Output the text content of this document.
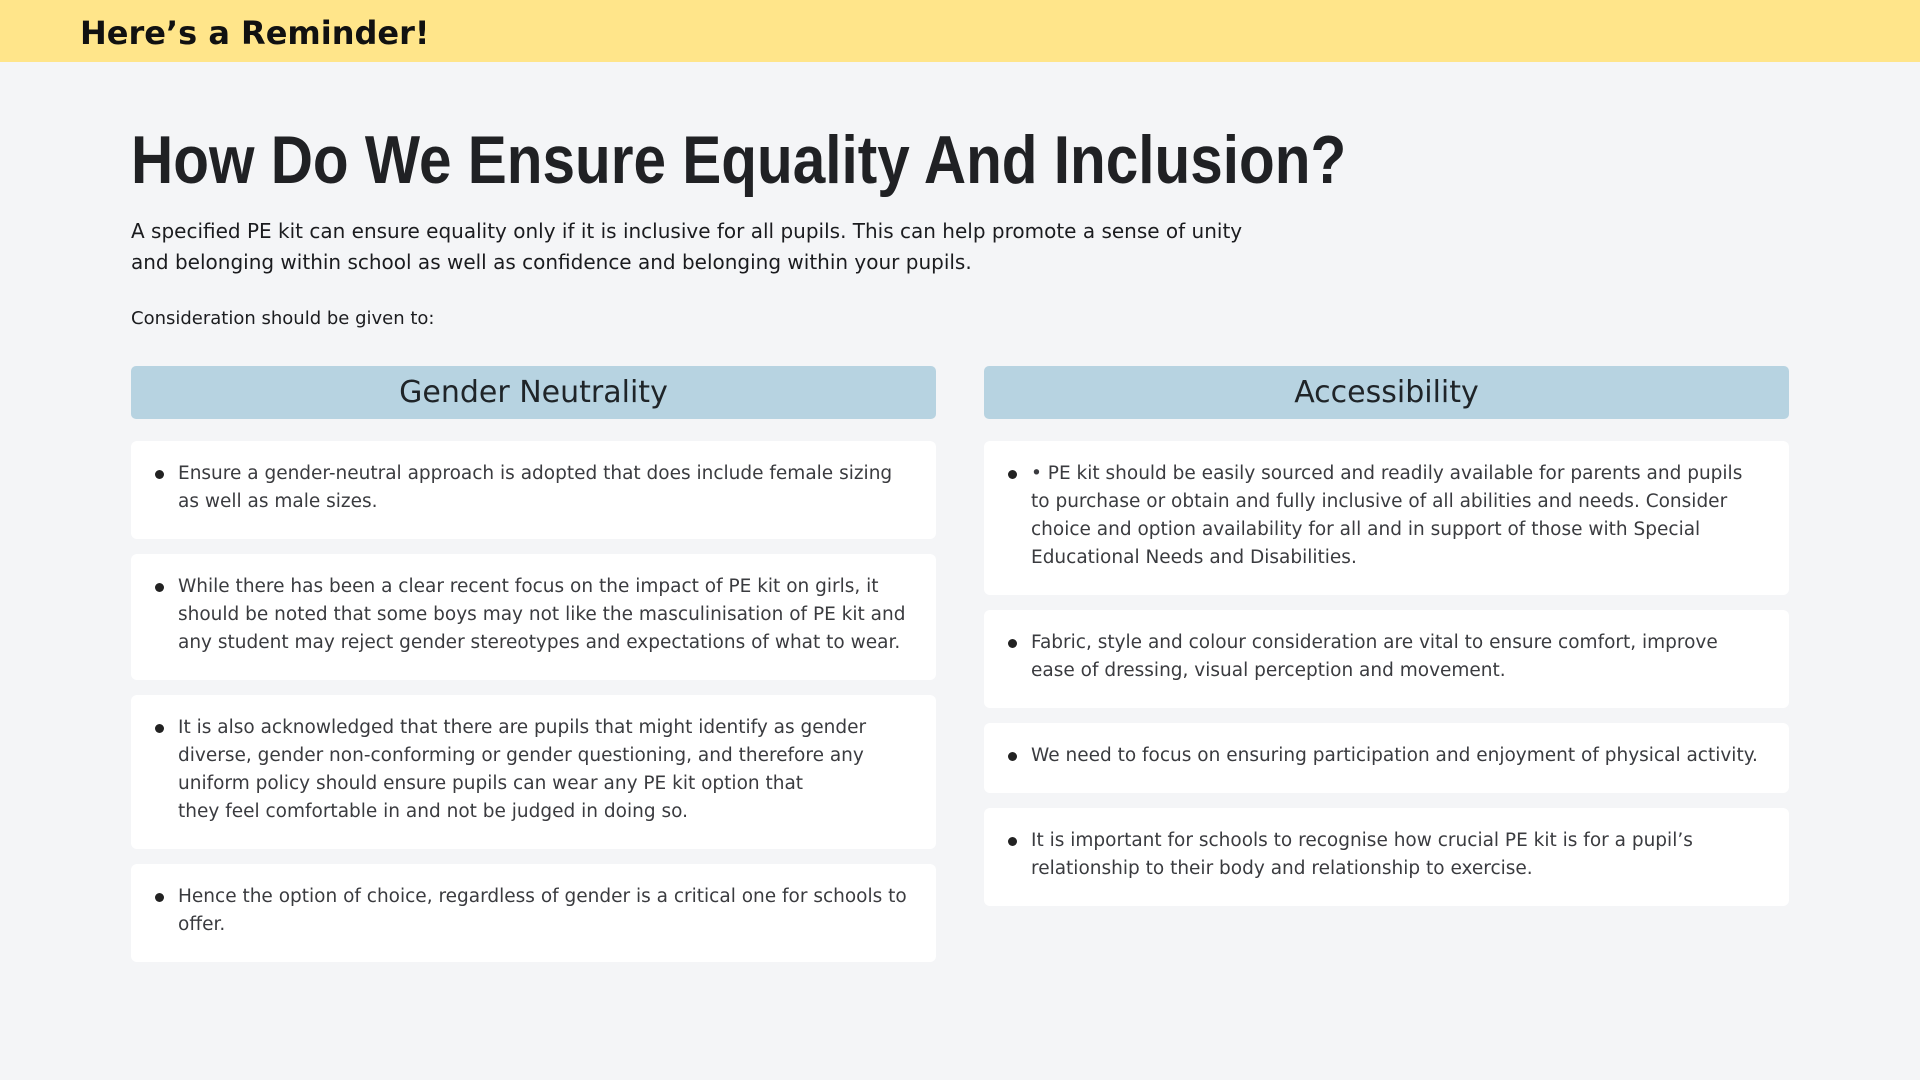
Here’s a Reminder!
How Do We Ensure Equality And Inclusion?
A specified PE kit can ensure equality only if it is inclusive for all pupils. This can help promote a sense of unity and belonging within school as well as confidence and belonging within your pupils.
Consideration should be given to:
Gender Neutrality
Ensure a gender-neutral approach is adopted that does include female sizing as well as male sizes.
While there has been a clear recent focus on the impact of PE kit on girls, it should be noted that some boys may not like the masculinisation of PE kit and any student may reject gender stereotypes and expectations of what to wear.
It is also acknowledged that there are pupils that might identify as gender diverse, gender non-conforming or gender questioning, and therefore any uniform policy should ensure pupils can wear any PE kit option that
they feel comfortable in and not be judged in doing so.
Hence the option of choice, regardless of gender is a critical one for schools to offer.
Accessibility
• PE kit should be easily sourced and readily available for parents and pupils to purchase or obtain and fully inclusive of all abilities and needs. Consider choice and option availability for all and in support of those with Special Educational Needs and Disabilities.
Fabric, style and colour consideration are vital to ensure comfort, improve ease of dressing, visual perception and movement.
We need to focus on ensuring participation and enjoyment of physical activity.
It is important for schools to recognise how crucial PE kit is for a pupil’s relationship to their body and relationship to exercise.
